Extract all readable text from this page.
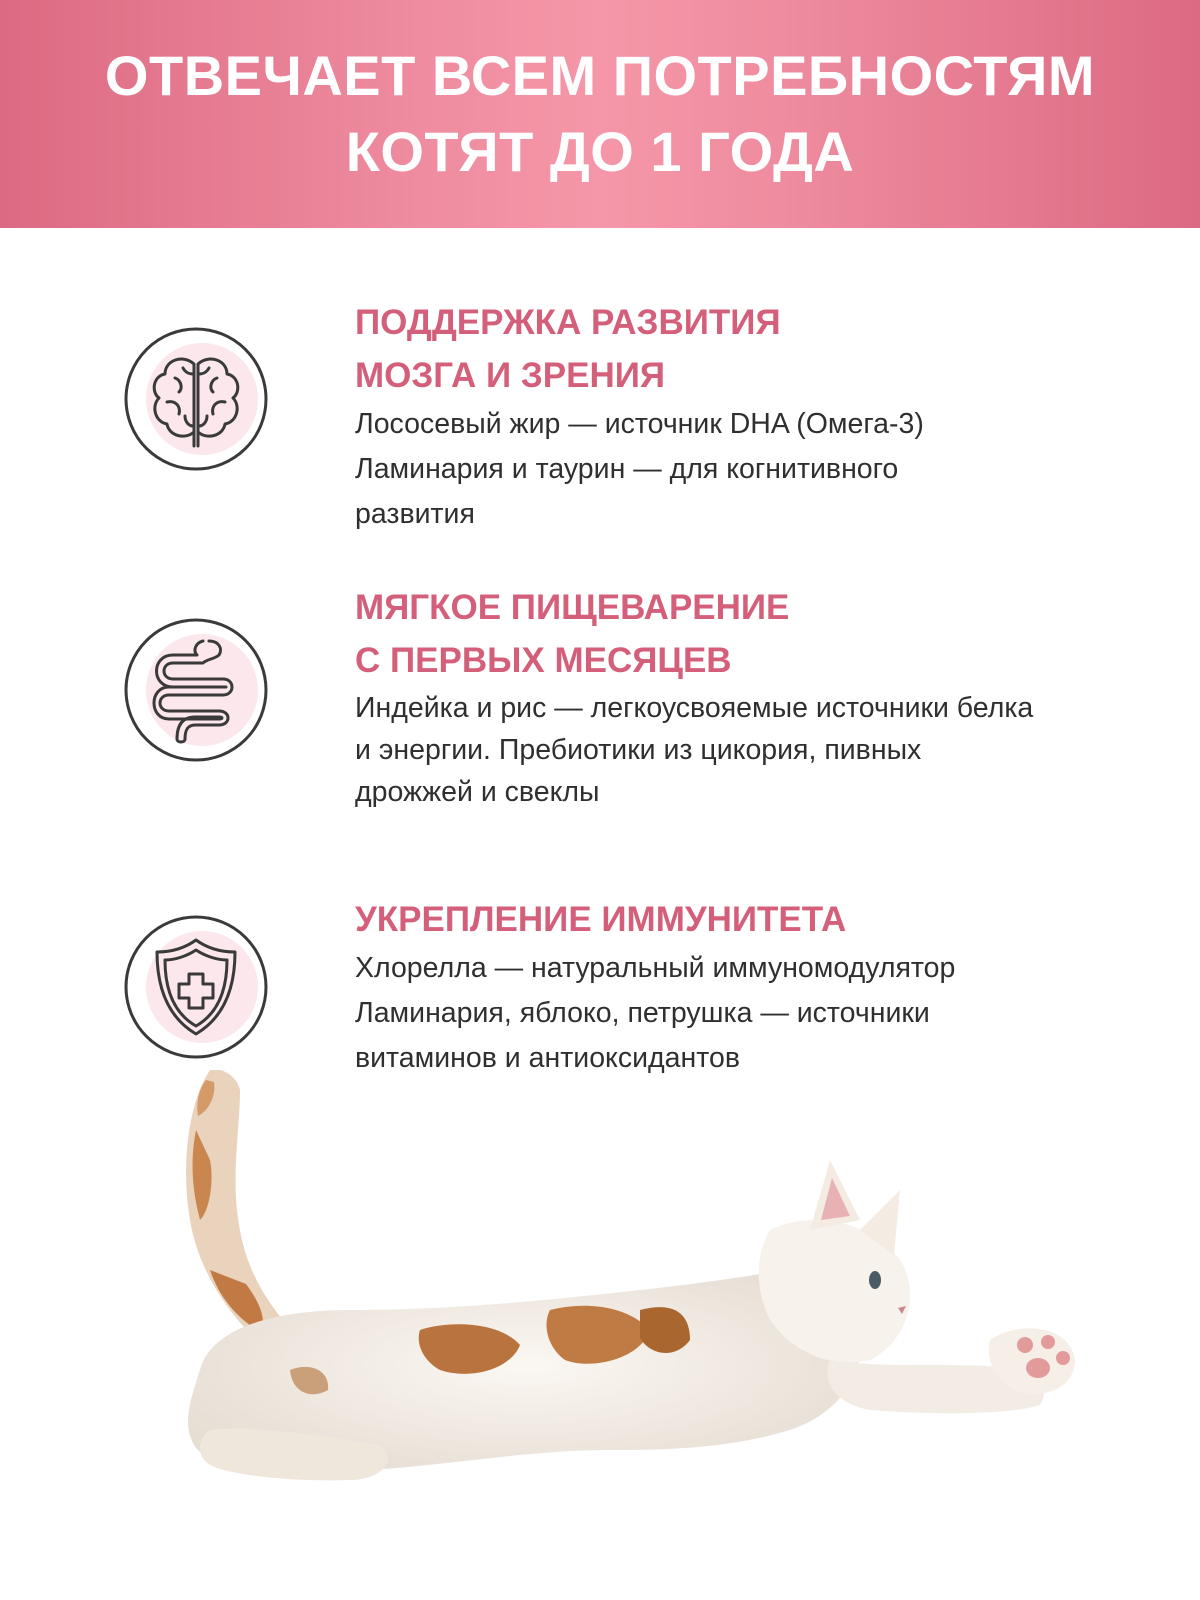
ОТВЕЧАЕТ ВСЕМ ПОТРЕБНОСТЯМ
КОТЯТ ДО 1 ГОДА
ПОДДЕРЖКА РАЗВИТИЯ
МОЗГА И ЗРЕНИЯ
Лососевый жир — источник DHA (Омега-3)
Ламинария и таурин — для когнитивного
развития
МЯГКОЕ ПИЩЕВАРЕНИЕ
С ПЕРВЫХ МЕСЯЦЕВ
Индейка и рис — легкоусвояемые источники белка
и энергии. Пребиотики из цикория, пивных
дрожжей и свеклы
УКРЕПЛЕНИЕ ИММУНИТЕТА
Хлорелла — натуральный иммуномодулятор
Ламинария, яблоко, петрушка — источники
витаминов и антиоксидантов
